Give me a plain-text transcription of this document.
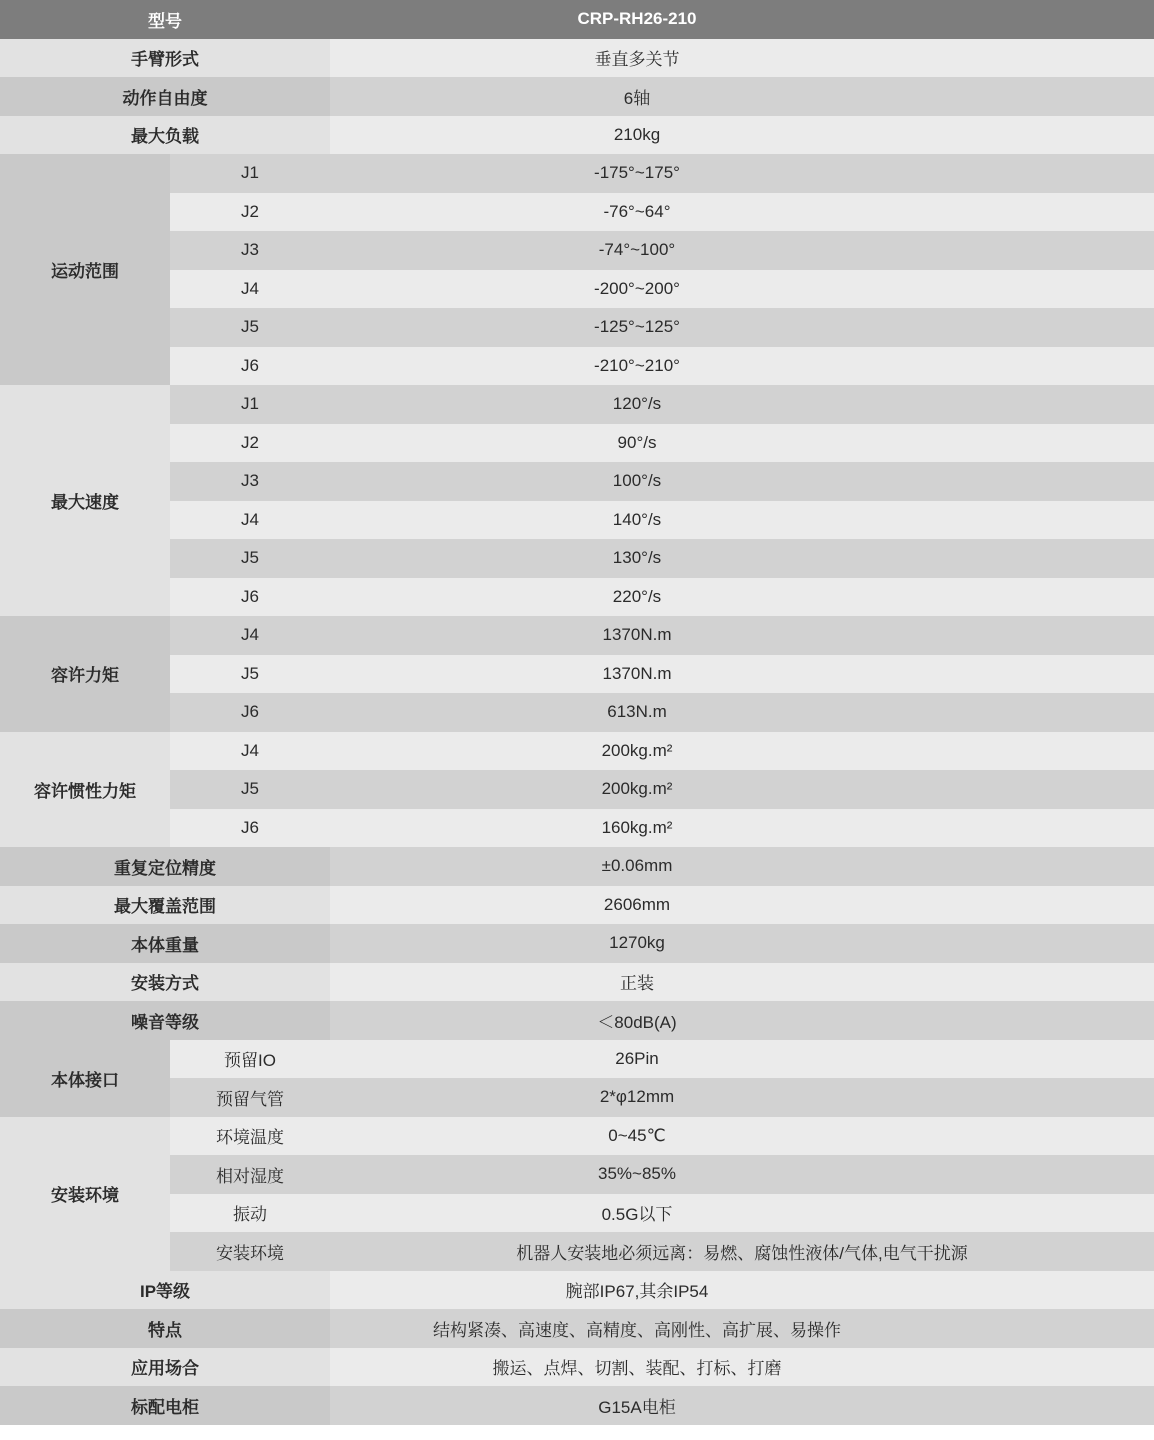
型号		CRP-RH26-210	
手臂形式		垂直多关节	
动作自由度		6轴	
最大负载		210kg	
运动范围	J1	-175°~175°	
	J2	-76°~64°	
	J3	-74°~100°	
	J4	-200°~200°	
	J5	-125°~125°	
	J6	-210°~210°	
最大速度	J1	120°/s	
	J2	90°/s	
	J3	100°/s	
	J4	140°/s	
	J5	130°/s	
	J6	220°/s	
容许力矩	J4	1370N.m	
	J5	1370N.m	
	J6	613N.m	
容许惯性力矩	J4	200kg.m²	
	J5	200kg.m²	
	J6	160kg.m²	
重复定位精度		±0.06mm	
最大覆盖范围		2606mm	
本体重量		1270kg	
安装方式		正装	
噪音等级		＜80dB(A)	
本体接口	预留IO	26Pin	
	预留气管	2*φ12mm	
安装环境	环境温度	0~45℃	
	相对湿度	35%~85%	
	振动	0.5G以下	
	安装环境	机器人安装地必须远离：易燃、腐蚀性液体/气体,电气干扰源	
IP等级		腕部IP67,其余IP54	
特点		结构紧凑、高速度、高精度、高刚性、高扩展、易操作	
应用场合		搬运、点焊、切割、装配、打标、打磨	
标配电柜		G15A电柜	
